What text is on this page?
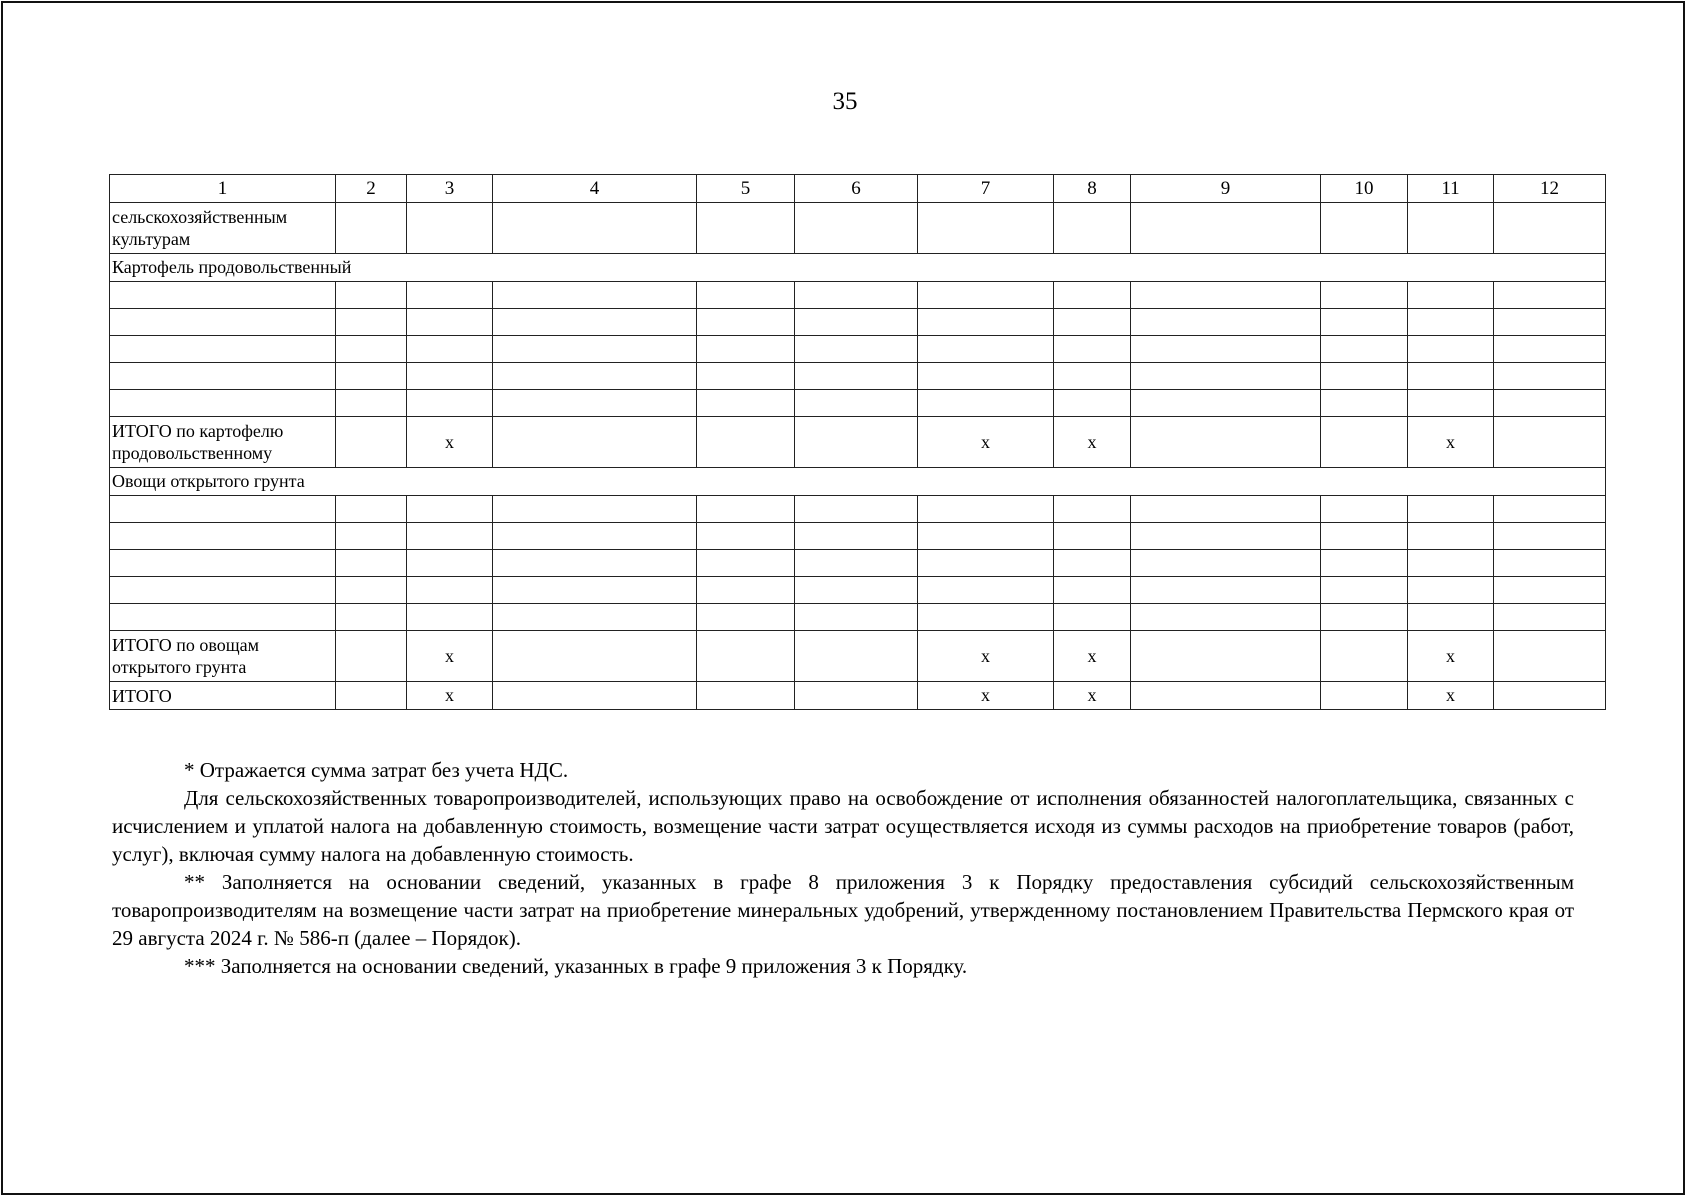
35
1	2	3	4	5	6	7	8	9	10	11	12
сельскохозяйственным культурам											
Картофель продовольственный											

ИТОГО по картофелю продовольственному		x				x	x			x	
Овощи открытого грунта											

ИТОГО по овощам открытого грунта		x				x	x			x	
ИТОГО		x				x	x			x	

* Отражается сумма затрат без учета НДС.

Для сельскохозяйственных товаропроизводителей, использующих право на освобождение от исполнения обязанностей налогоплательщика, связанных с исчислением и уплатой налога на добавленную стоимость, возмещение части затрат осуществляется исходя из суммы расходов на приобретение товаров (работ, услуг), включая сумму налога на добавленную стоимость.

** Заполняется на основании сведений, указанных в графе 8 приложения 3 к Порядку предоставления субсидий сельскохозяйственным товаропроизводителям на возмещение части затрат на приобретение минеральных удобрений, утвержденному постановлением Правительства Пермского края от 29 августа 2024 г. № 586-п (далее – Порядок).

*** Заполняется на основании сведений, указанных в графе 9 приложения 3 к Порядку.
